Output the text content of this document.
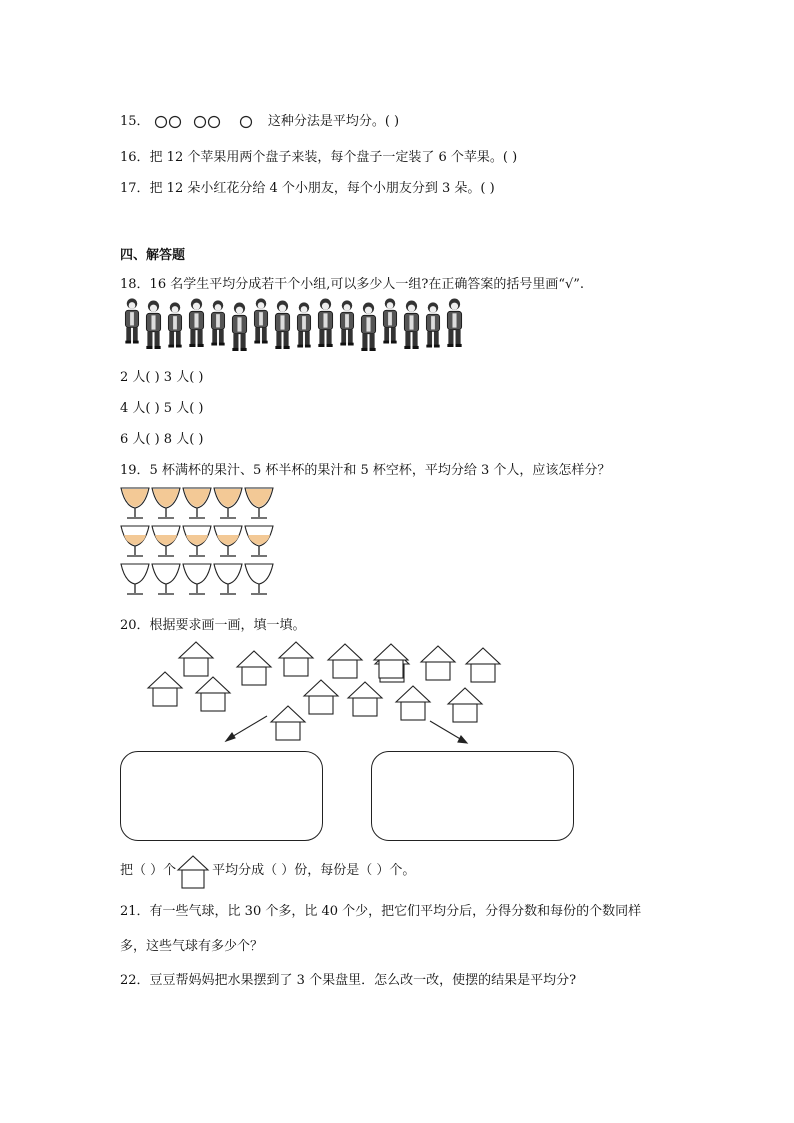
15．	这种分法是平均分。( )
16．把 12 个苹果用两个盘子来装，每个盘子一定装了 6 个苹果。( )
17．把 12 朵小红花分给 4 个小朋友，每个小朋友分到 3 朵。( )
四、解答题
18．16 名学生平均分成若干个小组,可以多少人一组?在正确答案的括号里画“√”.
2 人( ) 3 人( )
4 人( ) 5 人( )
6 人( ) 8 人( )
19．5 杯满杯的果汁、5 杯半杯的果汁和 5 杯空杯，平均分给 3 个人，应该怎样分？
20．根据要求画一画，填一填。
把（ ）个	平均分成（ ）份，每份是（ ）个。
21．有一些气球，比 30 个多，比 40 个少，把它们平均分后，分得分数和每份的个数同样
多，这些气球有多少个？
22．豆豆帮妈妈把水果摆到了 3 个果盘里．怎么改一改，使摆的结果是平均分?
